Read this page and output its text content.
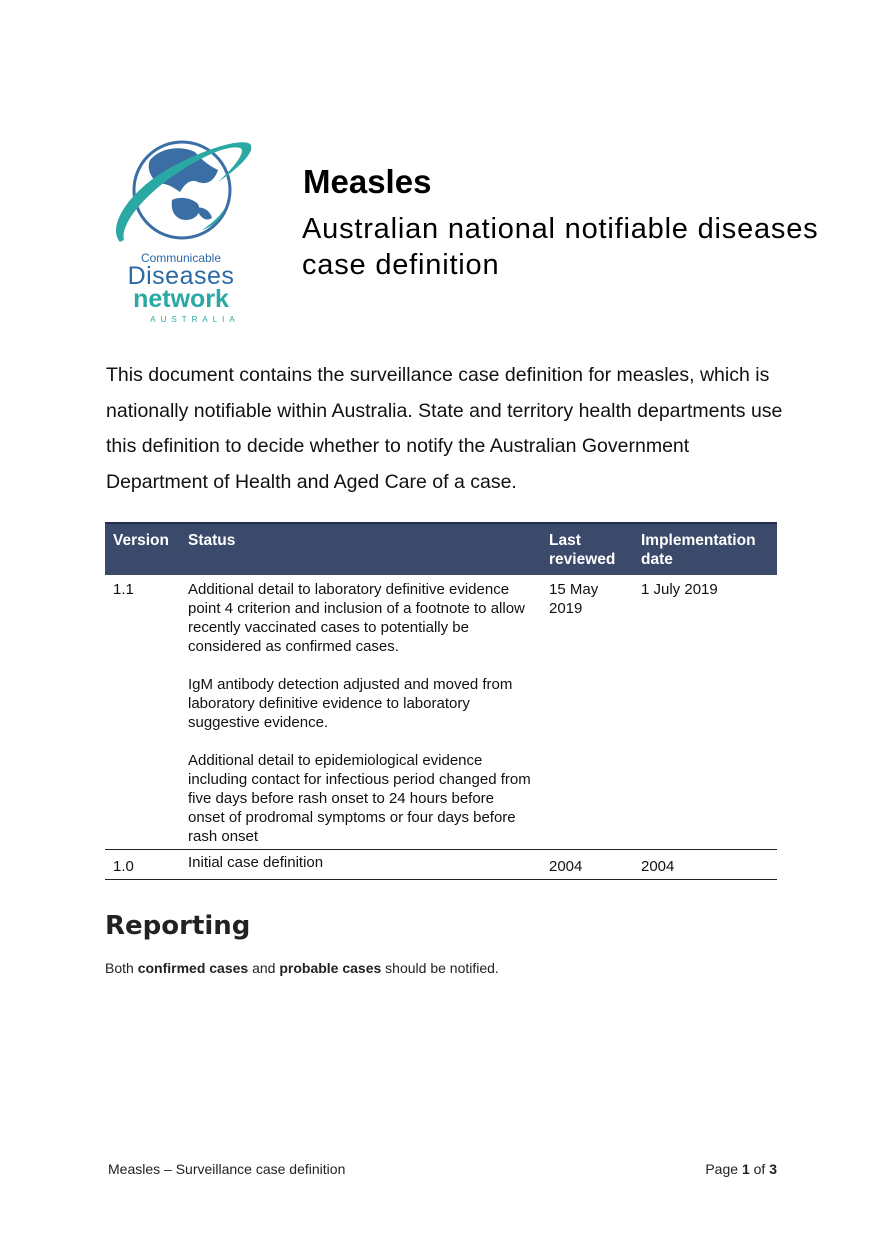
Communicable
Diseases
network
AUSTRALIA
Measles
Australian national notifiable diseases case definition

This document contains the surveillance case definition for measles, which is nationally notifiable within Australia. State and territory health departments use this definition to decide whether to notify the Australian Government Department of Health and Aged Care of a case.

Version	Status	Last reviewed	Implementation date
1.1	Additional detail to laboratory definitive evidence point 4 criterion and inclusion of a footnote to allow recently vaccinated cases to potentially be considered as confirmed cases.

IgM antibody detection adjusted and moved from laboratory definitive evidence to laboratory suggestive evidence.

Additional detail to epidemiological evidence including contact for infectious period changed from five days before rash onset to 24 hours before onset of prodromal symptoms or four days before rash onset	15 May 2019	1 July 2019
1.0	Initial case definition	2004	2004
Reporting

Both confirmed cases and probable cases should be notified.

Measles – Surveillance case definition	Page 1 of 3
